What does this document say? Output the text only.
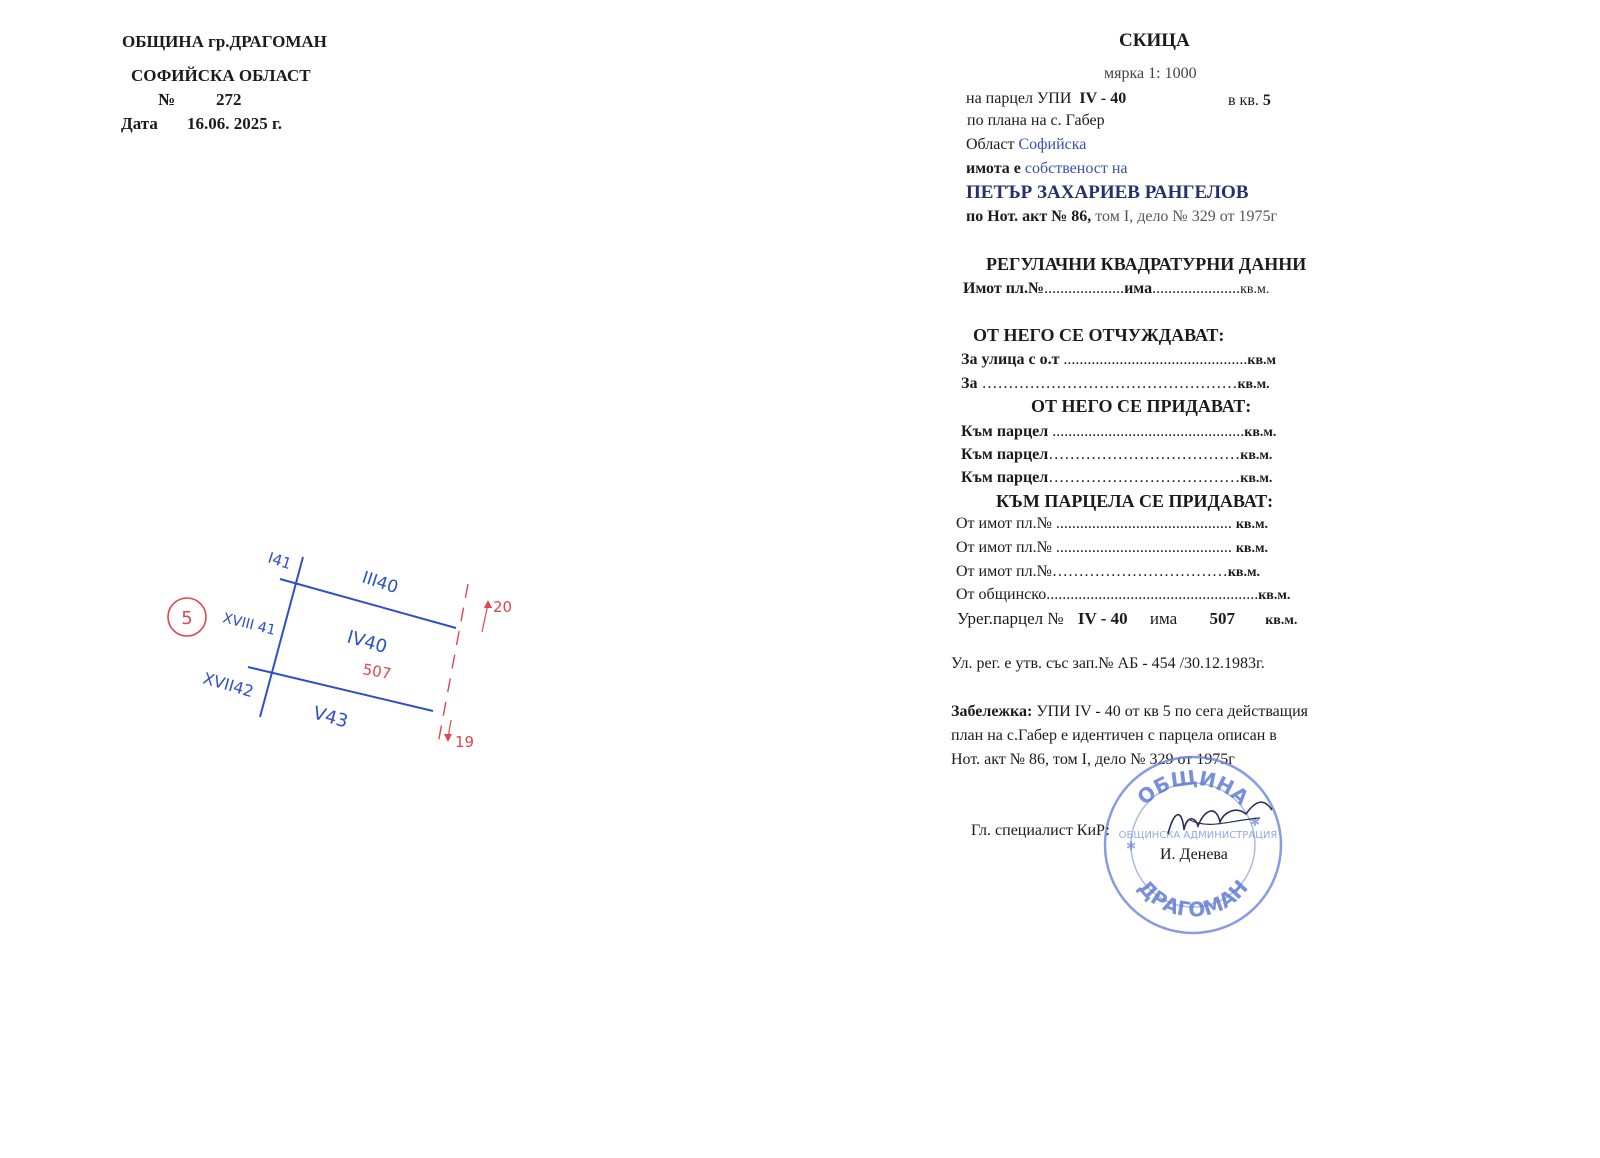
ОБЩИНА гр.ДРАГОМАН
СОФИЙСКА ОБЛАСТ
№ 272
Дата 16.06. 2025 г.
СКИЦА
мярка 1: 1000
на парцел УПИ IV - 40	в кв. 5
по плана на с. Габер
Област Софийска
имота е собственост на
ПЕТЪР ЗАХАРИЕВ РАНГЕЛОВ
по Нот. акт № 86, том I, дело № 329 от 1975г
РЕГУЛАЧНИ КВАДРАТУРНИ ДАННИ
Имот пл.№....................има......................кв.м.
ОТ НЕГО СЕ ОТЧУЖДАВАТ:
За улица с о.т ..............................................кв.м
За …………………………………………кв.м.
ОТ НЕГО СЕ ПРИДАВАТ:
Към парцел ................................................кв.м.
Към парцел………………………………кв.м.
Към парцел………………………………кв.м.
КЪМ ПАРЦЕЛА СЕ ПРИДАВАТ:
От имот пл.№ ............................................ кв.м.
От имот пл.№ ............................................ кв.м.
От имот пл.№……………………………кв.м.
От общинско.....................................................кв.м.
Урег.парцел № IV - 40 има 507 кв.м.
Ул. рег. е утв. със зап.№ АБ - 454 /30.12.1983г.
Забележка: УПИ IV - 40 от кв 5 по сега действащия
план на с.Габер е идентичен с парцела описан в
Нот. акт № 86, том I, дело № 329 от 1975г
ОБЩИНА
ДРАГОМАН
ОБЩИНСКА АДМИНИСТРАЦИЯ
✱
✱
Гл. специалист КиР:
И. Денева
5
I41
III40
XVIII 41
IV40
507
XVII42
V43
20
19
